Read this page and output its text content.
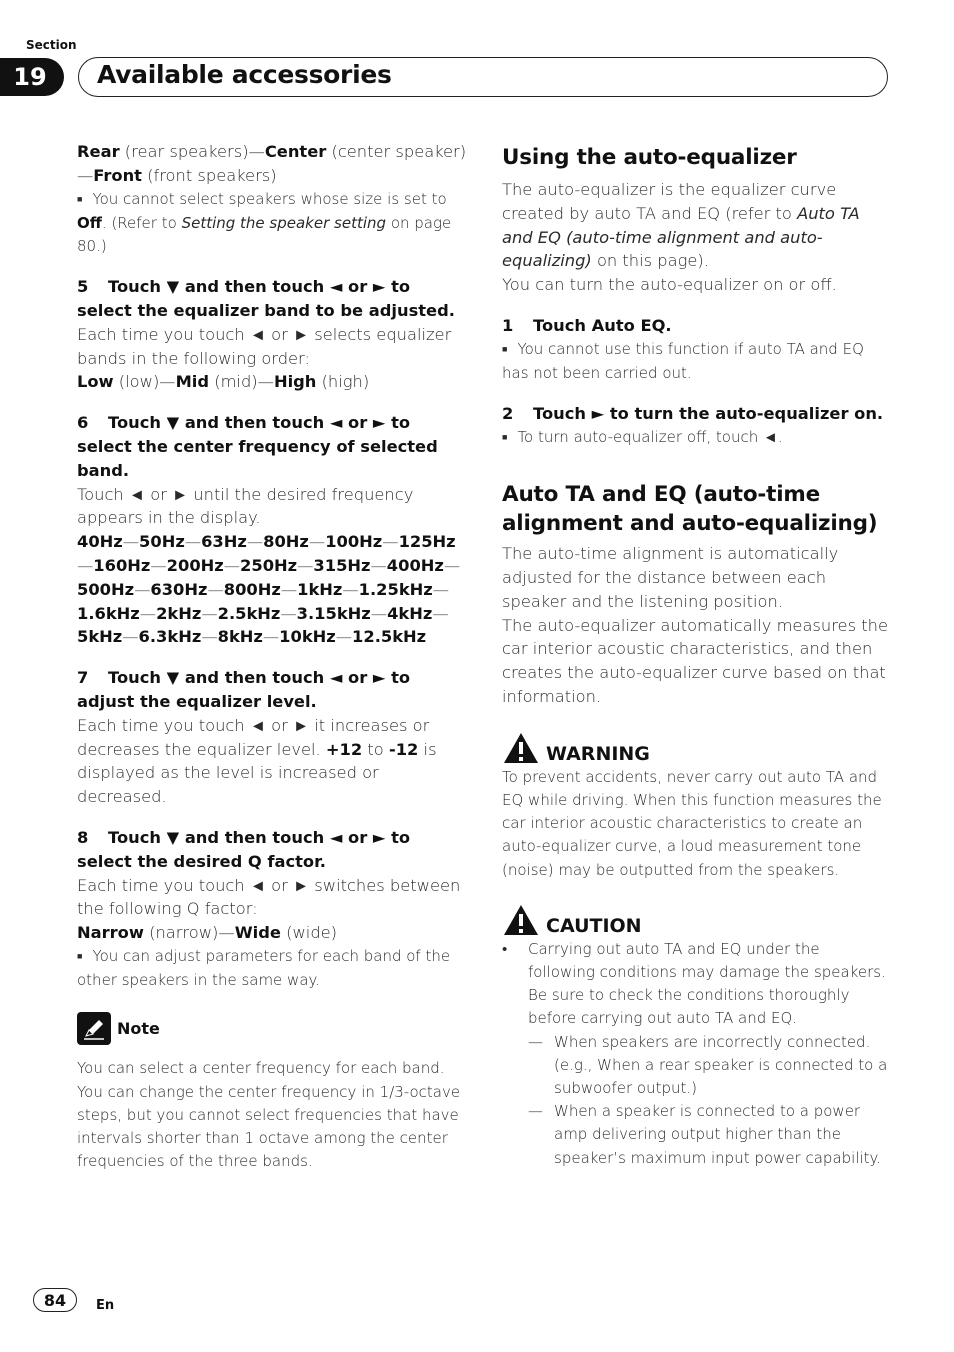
Section
19	Available accessories

Rear (rear speakers)—Center (center speaker)
—Front (front speakers)

■ You cannot select speakers whose size is set to Off. (Refer to Setting the speaker setting on page 80.)

5 Touch ▼ and then touch ◄ or ► to select the equalizer band to be adjusted.

Each time you touch ◄ or ► selects equalizer bands in the following order:

Low (low)—Mid (mid)—High (high)

6 Touch ▼ and then touch ◄ or ► to select the center frequency of selected band.

Touch ◄ or ► until the desired frequency appears in the display.

40Hz—50Hz—63Hz—80Hz—100Hz—125Hz—160Hz—200Hz—250Hz—315Hz—400Hz—500Hz—630Hz—800Hz—1kHz—1.25kHz—1.6kHz—2kHz—2.5kHz—3.15kHz—4kHz—5kHz—6.3kHz—8kHz—10kHz—12.5kHz

7 Touch ▼ and then touch ◄ or ► to adjust the equalizer level.

Each time you touch ◄ or ► it increases or decreases the equalizer level. +12 to -12 is displayed as the level is increased or decreased.

8 Touch ▼ and then touch ◄ or ► to select the desired Q factor.

Each time you touch ◄ or ► switches between the following Q factor:

Narrow (narrow)—Wide (wide)

■ You can adjust parameters for each band of the other speakers in the same way.

Note

You can select a center frequency for each band. You can change the center frequency in 1/3-octave steps, but you cannot select frequencies that have intervals shorter than 1 octave among the center frequencies of the three bands.

Using the auto-equalizer

The auto-equalizer is the equalizer curve created by auto TA and EQ (refer to Auto TA and EQ (auto-time alignment and auto-equalizing) on this page).

You can turn the auto-equalizer on or off.

1 Touch Auto EQ.

■ You cannot use this function if auto TA and EQ has not been carried out.

2 Touch ► to turn the auto-equalizer on.

■ To turn auto-equalizer off, touch ◄.

Auto TA and EQ (auto-time alignment and auto-equalizing)

The auto-time alignment is automatically adjusted for the distance between each speaker and the listening position.

The auto-equalizer automatically measures the car interior acoustic characteristics, and then creates the auto-equalizer curve based on that information.

WARNING

To prevent accidents, never carry out auto TA and EQ while driving. When this function measures the car interior acoustic characteristics to create an auto-equalizer curve, a loud measurement tone (noise) may be outputted from the speakers.

CAUTION
•	Carrying out auto TA and EQ under the following conditions may damage the speakers. Be sure to check the conditions thoroughly before carrying out auto TA and EQ.
— When speakers are incorrectly connected. (e.g., When a rear speaker is connected to a subwoofer output.)
— When a speaker is connected to a power amp delivering output higher than the speaker’s maximum input power capability.
84	En
